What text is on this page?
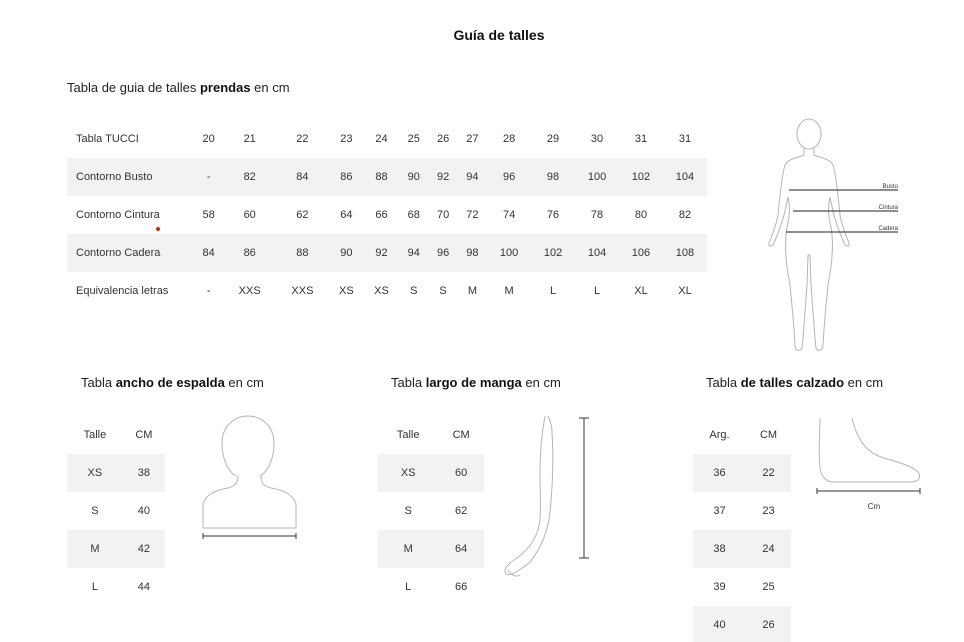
Guía de talles
Tabla de guia de talles prendas en cm
Tabla TUCCI	20	21	22	23	24	25	26	27	28	29	30	31	31
Contorno Busto	-	82	84	86	88	90	92	94	96	98	100	102	104
Contorno Cintura	58	60	62	64	66	68	70	72	74	76	78	80	82
Contorno Cadera	84	86	88	90	92	94	96	98	100	102	104	106	108
Equivalencia letras	-	XXS	XXS	XS	XS	S	S	M	M	L	L	XL	XL
Busto
Cintura
Cadera
Tabla ancho de espalda en cm
Talle	CM
XS	38
S	40
M	42
L	44
Tabla largo de manga en cm
Talle	CM
XS	60
S	62
M	64
L	66
Tabla de talles calzado en cm
Arg.	CM
36	22
37	23
38	24
39	25
40	26
Cm
